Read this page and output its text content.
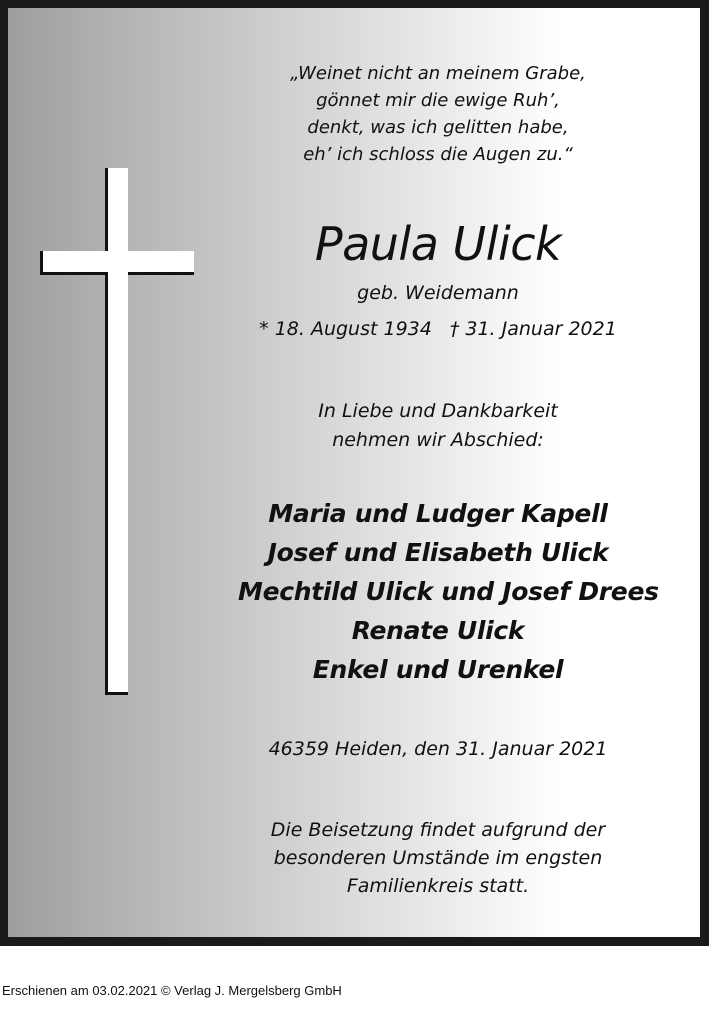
„Weinet nicht an meinem Grabe,
gönnet mir die ewige Ruh’,
denkt, was ich gelitten habe,
eh’ ich schloss die Augen zu.“
Paula Ulick
geb. Weidemann
* 18. August 1934 † 31. Januar 2021
In Liebe und Dankbarkeit
nehmen wir Abschied:
Maria und Ludger Kapell
Josef und Elisabeth Ulick
Mechtild Ulick und Josef Drees
Renate Ulick
Enkel und Urenkel
46359 Heiden, den 31. Januar 2021
Die Beisetzung findet aufgrund der
besonderen Umstände im engsten
Familienkreis statt.
Erschienen am 03.02.2021 © Verlag J. Mergelsberg GmbH
